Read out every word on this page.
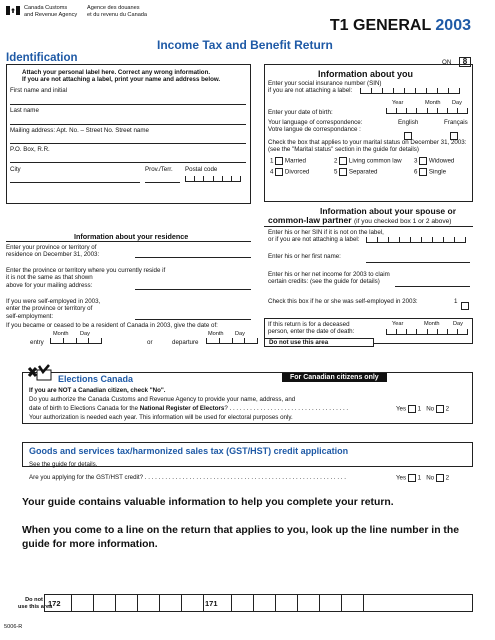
Canada Customs
and Revenue Agency
Agence des douanes
et du revenu du Canada
T1 GENERAL 2003
Income Tax and Benefit Return
Identification	ON	8
Attach your personal label here. Correct any wrong information.
If you are not attaching a label, print your name and address below.
First name and initial
Last name
Mailing address: Apt. No. – Street No. Street name
P.O. Box, R.R.
City	Prov./Terr. Postal code
Information about your residence
Enter your province or territory of
residence on December 31, 2003:
Enter the province or territory where you currently reside if
it is not the same as that shown
above for your mailing address:
If you were self-employed in 2003,
enter the province or territory of
self-employment:
If you became or ceased to be a resident of Canada in 2003, give the date of:
Month Day	Month Day
entry	or	departure
Information about you
Enter your social insurance number (SIN)
if you are not attaching a label:
Year	Month Day
Enter your date of birth:
Your language of correspondence:
Votre langue de correspondance :
English	Français
Check the box that applies to your marital status on December 31, 2003:
(see the "Marital status" section in the guide for details)
1 Married	2 Living common law	3 Widowed
4 Divorced	5 Separated	6 Single
Information about your spouse or
common-law partner (if you checked box 1 or 2 above)
Enter his or her SIN if it is not on the label,
or if you are not attaching a label:
Enter his or her first name:
Enter his or her net income for 2003 to claim
certain credits: (see the guide for details)
Check this box if he or she was self-employed in 2003:	1
If this return is for a deceased
person, enter the date of death:
Year	Month Day
Do not use this area
Elections Canada	For Canadian citizens only
If you are NOT a Canadian citizen, check "No".
Do you authorize the Canada Customs and Revenue Agency to provide your name, address, and
date of birth to Elections Canada for the National Register of Electors? . . . . . . . . . . . . . . . . . . . . . . . . . . . . . . . . . . .
Your authorization is needed each year. This information will be used for electoral purposes only.
Yes 1 No 2
Goods and services tax/harmonized sales tax (GST/HST) credit application
See the guide for details.
Are you applying for the GST/HST credit? . . . . . . . . . . . . . . . . . . . . . . . . . . . . . . . . . . . . . . . . . . . . . . . . . . . . . . . . . . .	Yes 1 No 2
Your guide contains valuable information to help you complete your return.
When you come to a line on the return that applies to you, look up the line number in the guide for more information.
Do not
use this area
172	171
5006-R
